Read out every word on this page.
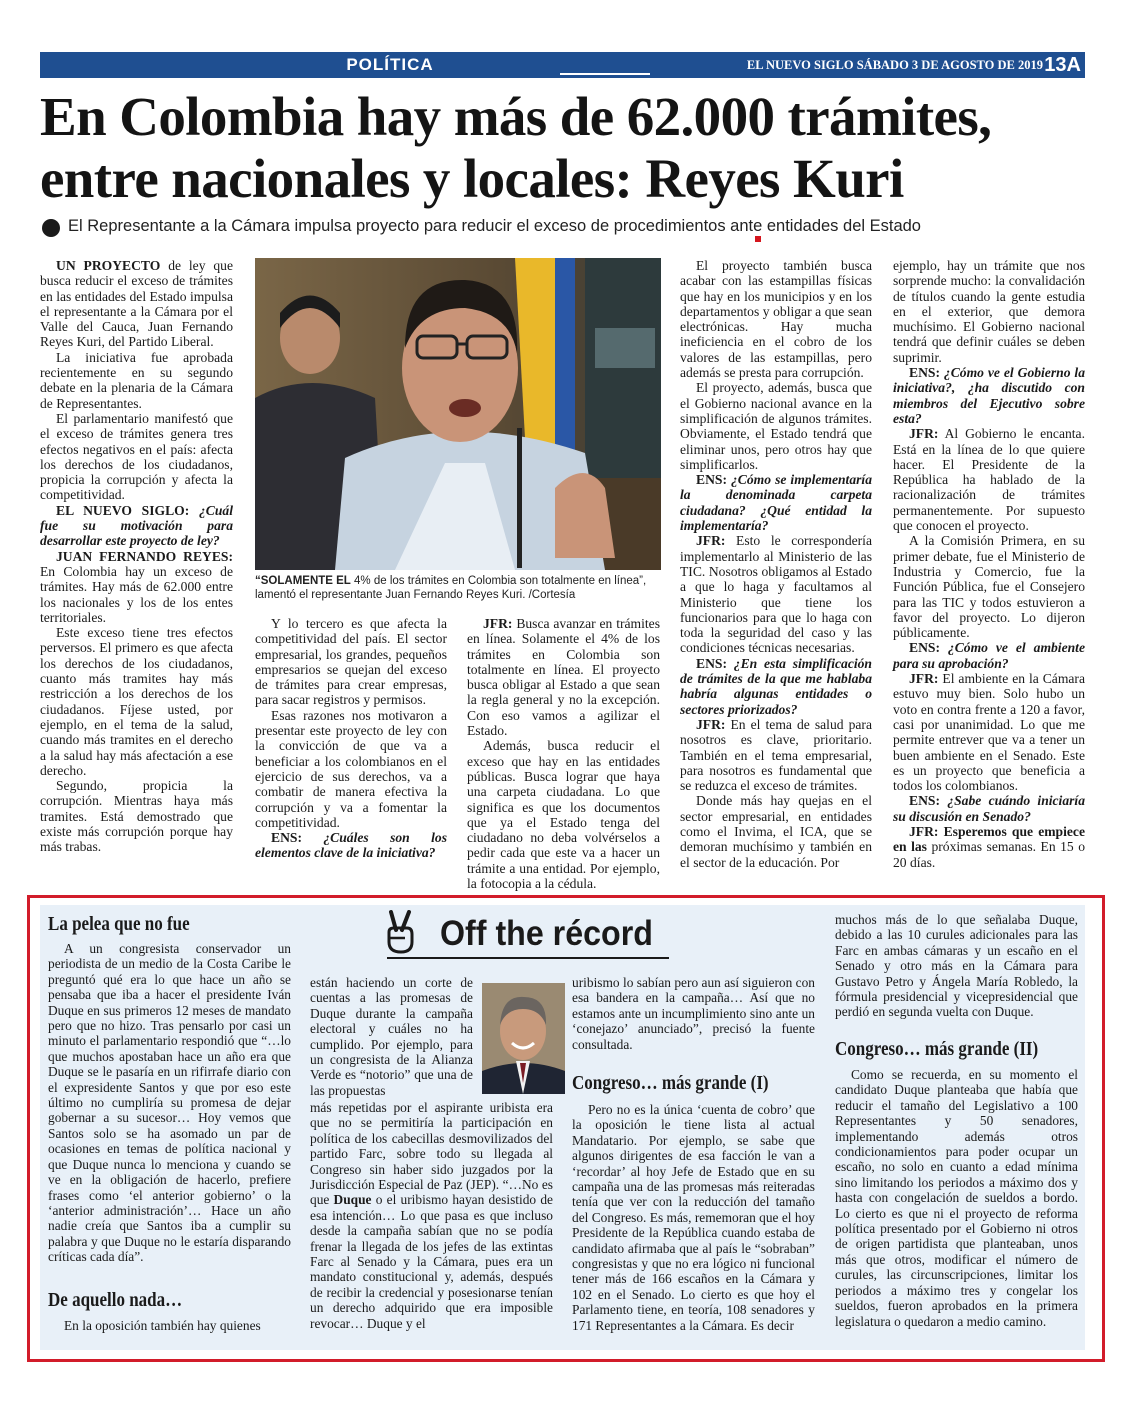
POLÍTICA	EL NUEVO SIGLO SÁBADO 3 DE AGOSTO DE 2019 13A
En Colombia hay más de 62.000 trámites,
entre nacionales y locales: Reyes Kuri
El Representante a la Cámara impulsa proyecto para reducir el exceso de procedimientos ante entidades del Estado

UN PROYECTO de ley que busca reducir el exceso de trámites en las entidades del Estado impulsa el representante a la Cámara por el Valle del Cauca, Juan Fernando Reyes Kuri, del Partido Liberal.

La iniciativa fue aprobada recientemente en su segundo debate en la plenaria de la Cámara de Representantes.

El parlamentario manifestó que el exceso de trámites genera tres efectos negativos en el país: afecta los derechos de los ciudadanos, propicia la corrupción y afecta la competitividad.

EL NUEVO SIGLO: ¿Cuál fue su motivación para desarrollar este proyecto de ley?

JUAN FERNANDO REYES: En Colombia hay un exceso de trámites. Hay más de 62.000 entre los nacionales y los de los entes territoriales.

Este exceso tiene tres efectos perversos. El primero es que afecta los derechos de los ciudadanos, cuanto más tramites hay más restricción a los derechos de los ciudadanos. Fíjese usted, por ejemplo, en el tema de la salud, cuando más tramites en el derecho a la salud hay más afectación a ese derecho.

Segundo, propicia la corrupción. Mientras haya más tramites. Está demostrado que existe más corrupción porque hay más trabas.

“SOLAMENTE EL 4% de los trámites en Colombia son totalmente en línea”, lamentó el representante Juan Fernando Reyes Kuri. /Cortesía

Y lo tercero es que afecta la competitividad del país. El sector empresarial, los grandes, pequeños empresarios se quejan del exceso de trámites para crear empresas, para sacar registros y permisos.

Esas razones nos motivaron a presentar este proyecto de ley con la convicción de que va a beneficiar a los colombianos en el ejercicio de sus derechos, va a combatir de manera efectiva la corrupción y va a fomentar la competitividad.

ENS: ¿Cuáles son los elementos clave de la iniciativa?

JFR: Busca avanzar en trámites en línea. Solamente el 4% de los trámites en Colombia son totalmente en línea. El proyecto busca obligar al Estado a que sean la regla general y no la excepción. Con eso vamos a agilizar el Estado.

Además, busca reducir el exceso que hay en las entidades públicas. Busca lograr que haya una carpeta ciudadana. Lo que significa es que los documentos que ya el Estado tenga del ciudadano no deba volvérselos a pedir cada que este va a hacer un trámite a una entidad. Por ejemplo, la fotocopia a la cédula.

El proyecto también busca acabar con las estampillas físicas que hay en los municipios y en los departamentos y obligar a que sean electrónicas. Hay mucha ineficiencia en el cobro de los valores de las estampillas, pero además se presta para corrupción.

El proyecto, además, busca que el Gobierno nacional avance en la simplificación de algunos trámites. Obviamente, el Estado tendrá que eliminar unos, pero otros hay que simplificarlos.

ENS: ¿Cómo se implementaría la denominada carpeta ciudadana? ¿Qué entidad la implementaría?

JFR: Esto le correspondería implementarlo al Ministerio de las TIC. Nosotros obligamos al Estado a que lo haga y facultamos al Ministerio que tiene los funcionarios para que lo haga con toda la seguridad del caso y las condiciones técnicas necesarias.

ENS: ¿En esta simplificación de trámites de la que me hablaba habría algunas entidades o sectores priorizados?

JFR: En el tema de salud para nosotros es clave, prioritario. También en el tema empresarial, para nosotros es fundamental que se reduzca el exceso de trámites.

Donde más hay quejas en el sector empresarial, en entidades como el Invima, el ICA, que se demoran muchísimo y también en el sector de la educación. Por

ejemplo, hay un trámite que nos sorprende mucho: la convalidación de títulos cuando la gente estudia en el exterior, que demora muchísimo. El Gobierno nacional tendrá que definir cuáles se deben suprimir.

ENS: ¿Cómo ve el Gobierno la iniciativa?, ¿ha discutido con miembros del Ejecutivo sobre esta?

JFR: Al Gobierno le encanta. Está en la línea de lo que quiere hacer. El Presidente de la República ha hablado de la racionalización de trámites permanentemente. Por supuesto que conocen el proyecto.

A la Comisión Primera, en su primer debate, fue el Ministerio de Industria y Comercio, fue la Función Pública, fue el Consejero para las TIC y todos estuvieron a favor del proyecto. Lo dijeron públicamente.

ENS: ¿Cómo ve el ambiente para su aprobación?

JFR: El ambiente en la Cámara estuvo muy bien. Solo hubo un voto en contra frente a 120 a favor, casi por unanimidad. Lo que me permite entrever que va a tener un buen ambiente en el Senado. Este es un proyecto que beneficia a todos los colombianos.

ENS: ¿Sabe cuándo iniciaría su discusión en Senado?

JFR: Esperemos que empiece en las próximas semanas. En 15 o 20 días.

Off the récord
La pelea que no fue

A un congresista conservador un periodista de un medio de la Costa Caribe le preguntó qué era lo que hace un año se pensaba que iba a hacer el presidente Iván Duque en sus primeros 12 meses de mandato pero que no hizo. Tras pensarlo por casi un minuto el parlamentario respondió que “…lo que muchos apostaban hace un año era que Duque se le pasaría en un rifirrafe diario con el expresidente Santos y que por eso este último no cumpliría su promesa de dejar gobernar a su sucesor… Hoy vemos que Santos solo se ha asomado un par de ocasiones en temas de política nacional y que Duque nunca lo menciona y cuando se ve en la obligación de hacerlo, prefiere frases como ‘el anterior gobierno’ o la ‘anterior administración’… Hace un año nadie creía que Santos iba a cumplir su palabra y que Duque no le estaría disparando críticas cada día”.

De aquello nada…

En la oposición también hay quienes

están haciendo un corte de cuentas a las promesas de Duque durante la campaña electoral y cuáles no ha cumplido. Por ejemplo, para un congresista de la Alianza Verde es “notorio” que una de las propuestas

más repetidas por el aspirante uribista era que no se permitiría la participación en política de los cabecillas desmovilizados del partido Farc, sobre todo su llegada al Congreso sin haber sido juzgados por la Jurisdicción Especial de Paz (JEP). “…No es que Duque o el uribismo hayan desistido de esa intención… Lo que pasa es que incluso desde la campaña sabían que no se podía frenar la llegada de los jefes de las extintas Farc al Senado y la Cámara, pues era un mandato constitucional y, además, después de recibir la credencial y posesionarse tenían un derecho adquirido que era imposible revocar… Duque y el

uribismo lo sabían pero aun así siguieron con esa bandera en la campaña… Así que no estamos ante un incumplimiento sino ante un ‘conejazo’ anunciado”, precisó la fuente consultada.

Congreso… más grande (I)

Pero no es la única ‘cuenta de cobro’ que la oposición le tiene lista al actual Mandatario. Por ejemplo, se sabe que algunos dirigentes de esa facción le van a ‘recordar’ al hoy Jefe de Estado que en su campaña una de las promesas más reiteradas tenía que ver con la reducción del tamaño del Congreso. Es más, rememoran que el hoy Presidente de la República cuando estaba de candidato afirmaba que al país le “sobraban” congresistas y que no era lógico ni funcional tener más de 166 escaños en la Cámara y 102 en el Senado. Lo cierto es que hoy el Parlamento tiene, en teoría, 108 senadores y 171 Representantes a la Cámara. Es decir

muchos más de lo que señalaba Duque, debido a las 10 curules adicionales para las Farc en ambas cámaras y un escaño en el Senado y otro más en la Cámara para Gustavo Petro y Ángela María Robledo, la fórmula presidencial y vicepresidencial que perdió en segunda vuelta con Duque.

Congreso… más grande (II)

Como se recuerda, en su momento el candidato Duque planteaba que había que reducir el tamaño del Legislativo a 100 Representantes y 50 senadores, implementando además otros condicionamientos para poder ocupar un escaño, no solo en cuanto a edad mínima sino limitando los periodos a máximo dos y hasta con congelación de sueldos a bordo. Lo cierto es que ni el proyecto de reforma política presentado por el Gobierno ni otros de origen partidista que planteaban, unos más que otros, modificar el número de curules, las circunscripciones, limitar los periodos a máximo tres y congelar los sueldos, fueron aprobados en la primera legislatura o quedaron a medio camino.
